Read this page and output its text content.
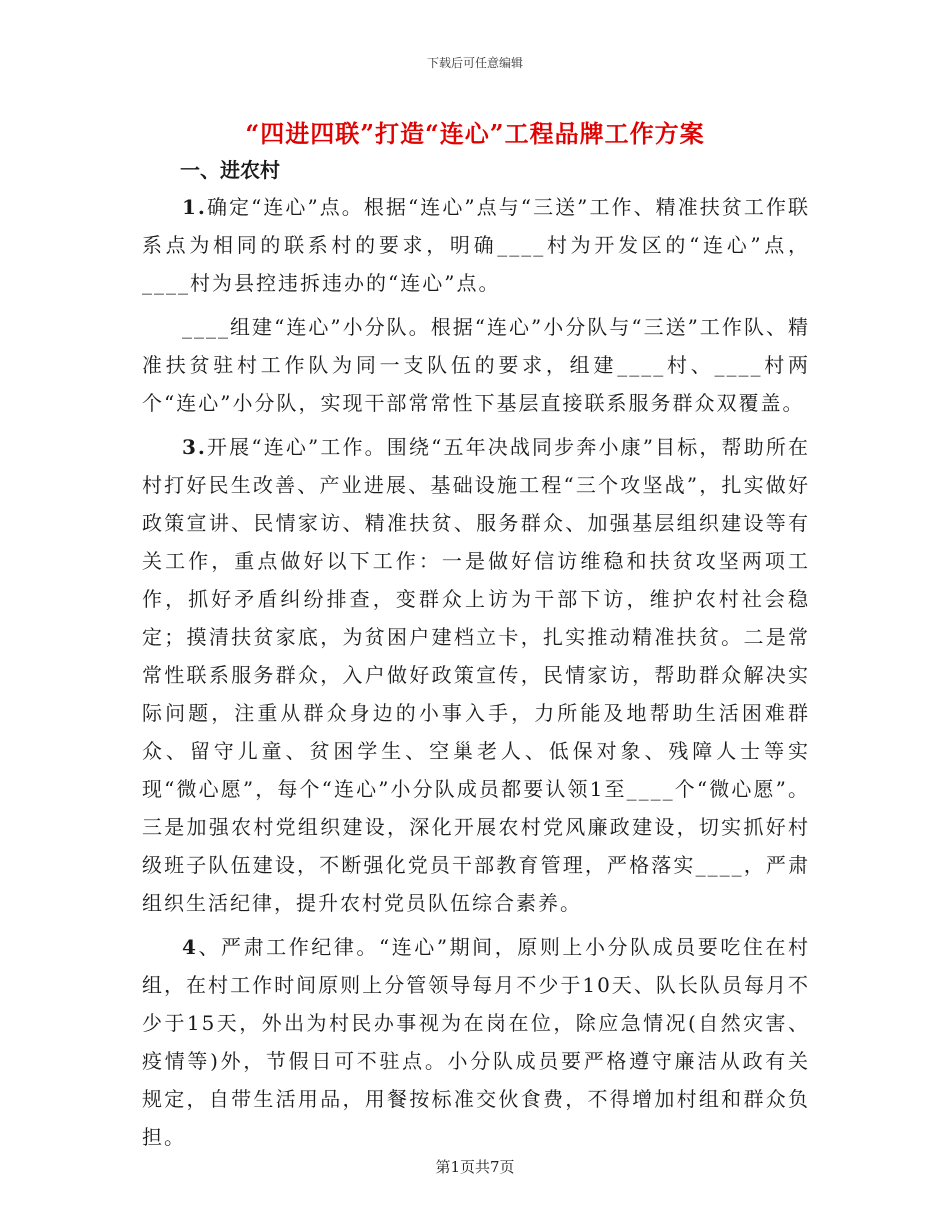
下载后可任意编辑
“四进四联”打造“连心”工程品牌工作方案
一、进农村

1.确定“连心”点。根据“连心”点与“三送”工作、精准扶贫工作联系点为相同的联系村的要求，明确____村为开发区的“连心”点，____村为县控违拆违办的“连心”点。

____组建“连心”小分队。根据“连心”小分队与“三送”工作队、精准扶贫驻村工作队为同一支队伍的要求，组建____村、____村两个“连心”小分队，实现干部常常性下基层直接联系服务群众双覆盖。

3.开展“连心”工作。围绕“五年决战同步奔小康”目标，帮助所在村打好民生改善、产业进展、基础设施工程“三个攻坚战”，扎实做好政策宣讲、民情家访、精准扶贫、服务群众、加强基层组织建设等有关工作，重点做好以下工作：一是做好信访维稳和扶贫攻坚两项工作，抓好矛盾纠纷排查，变群众上访为干部下访，维护农村社会稳定；摸清扶贫家底，为贫困户建档立卡，扎实推动精准扶贫。二是常常性联系服务群众，入户做好政策宣传，民情家访，帮助群众解决实际问题，注重从群众身边的小事入手，力所能及地帮助生活困难群众、留守儿童、贫困学生、空巢老人、低保对象、残障人士等实现“微心愿”，每个“连心”小分队成员都要认领1至____个“微心愿”。三是加强农村党组织建设，深化开展农村党风廉政建设，切实抓好村级班子队伍建设，不断强化党员干部教育管理，严格落实____，严肃组织生活纪律，提升农村党员队伍综合素养。

4、严肃工作纪律。“连心”期间，原则上小分队成员要吃住在村组，在村工作时间原则上分管领导每月不少于10天、队长队员每月不少于15天，外出为村民办事视为在岗在位，除应急情况(自然灾害、疫情等)外，节假日可不驻点。小分队成员要严格遵守廉洁从政有关规定，自带生活用品，用餐按标准交伙食费，不得增加村组和群众负担。

第1页共7页
